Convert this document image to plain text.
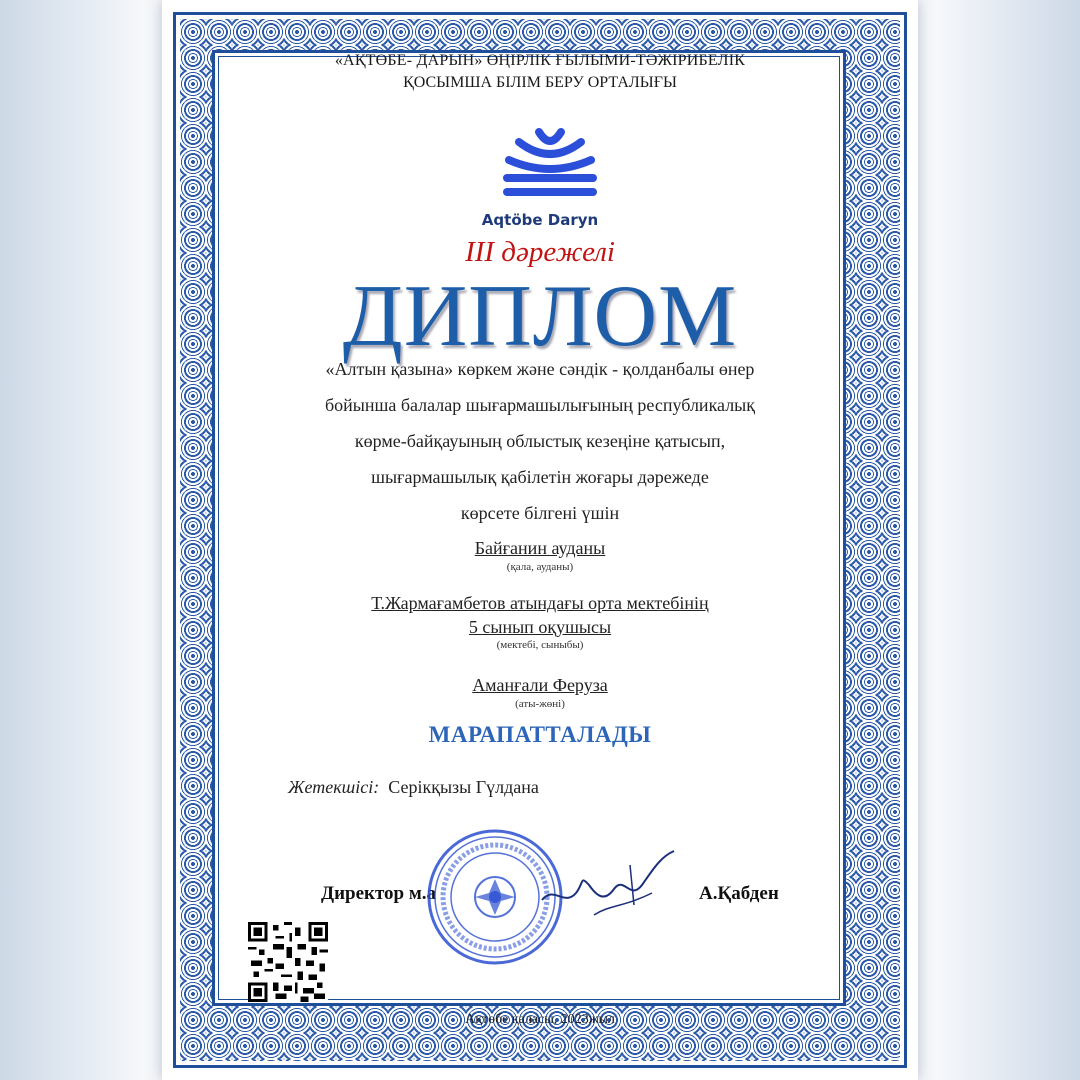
«АҚТӨБЕ- ДАРЫН» ӨҢІРЛІК ҒЫЛЫМИ-ТӘЖІРИБЕЛІК
ҚОСЫМША БІЛІМ БЕРУ ОРТАЛЫҒЫ
Aqtöbe Daryn
ІІІ дәрежелі
ДИПЛОМ
«Алтын қазына» көркем және сәндік - қолданбалы өнер
бойынша балалар шығармашылығының республикалық
көрме-байқауының облыстық кезеңіне қатысып,
шығармашылық қабілетін жоғары дәрежеде
көрсете білгені үшін
Байғанин ауданы
(қала, ауданы)
Т.Жармағамбетов атындағы орта мектебінің
5 сынып оқушысы
(мектебі, сыныбы)
Аманғали Феруза
(аты-жөні)
МАРАПАТТАЛАДЫ
Жетекшісі: Серікқызы Гүлдана
Директор м.а	А.Қабден
Ақтөбе қаласы, 2023жыл
